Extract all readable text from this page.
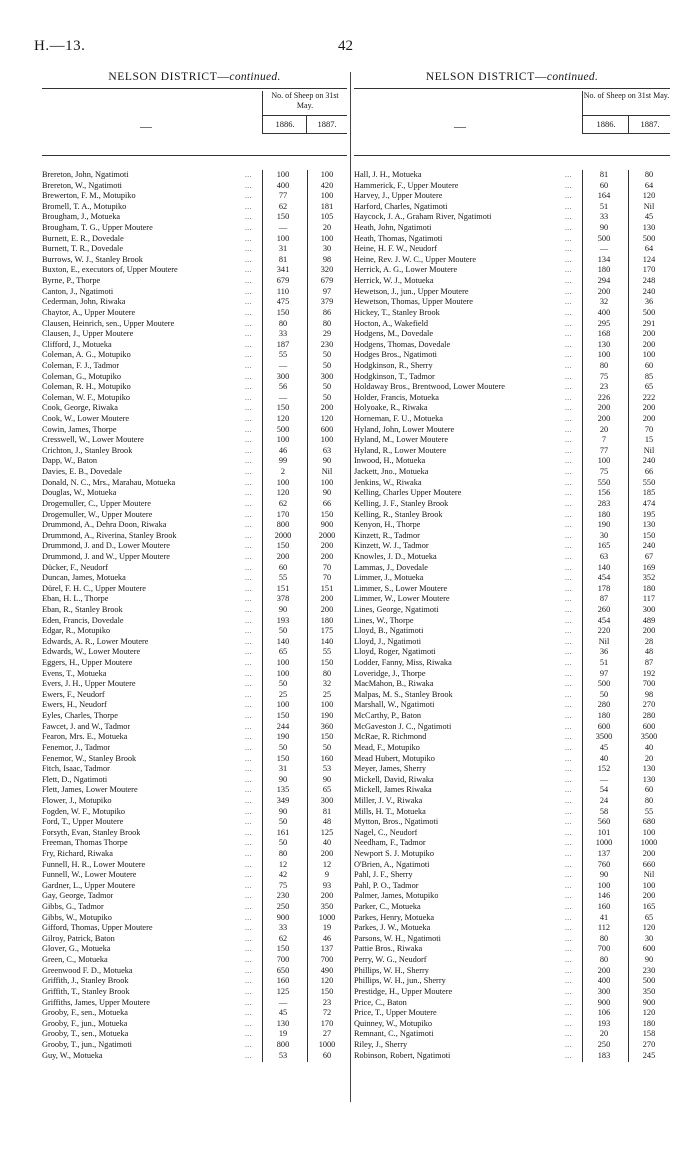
H.—13.	42
NELSON DISTRICT—continued.
—
No. of Sheep on 31st May.
1886.	1887.
Brereton, John, Ngatimoti	...	100	100
Brereton, W., Ngatimoti	...	400	420
Brewerton, F. M., Motupiko	...	77	100
Bromell, T. A., Motupiko	...	62	181
Brougham, J., Motueka	...	150	105
Brougham, T. G., Upper Moutere	...	—	20
Burnett, E. R., Dovedale	...	100	100
Burnett, T. R., Dovedale	...	31	30
Burrows, W. J., Stanley Brook	...	81	98
Buxton, E., executors of, Upper Moutere	...	341	320
Byrne, P., Thorpe	...	679	679
Canton, J., Ngatimoti	...	110	97
Cederman, John, Riwaka	...	475	379
Chaytor, A., Upper Moutere	...	150	86
Clausen, Heinrich, sen., Upper Moutere	...	80	80
Clausen, J., Upper Moutere	...	33	29
Clifford, J., Motueka	...	187	230
Coleman, A. G., Motupiko	...	55	50
Coleman, F. J., Tadmor	...	—	50
Coleman, G., Motupiko	...	300	300
Coleman, R. H., Motupiko	...	56	50
Coleman, W. F., Motupiko	...	—	50
Cook, George, Riwaka	...	150	200
Cook, W., Lower Moutere	...	120	120
Cowin, James, Thorpe	...	500	600
Cresswell, W., Lower Moutere	...	100	100
Crichton, J., Stanley Brook	...	46	63
Dapp, W., Baton	...	99	90
Davies, E. B., Dovedale	...	2	Nil
Donald, N. C., Mrs., Marahau, Motueka	...	100	100
Douglas, W., Motueka	...	120	90
Drogemuller, C., Upper Moutere	...	62	66
Drogemuller, W., Upper Moutere	...	170	150
Drummond, A., Dehra Doon, Riwaka	...	800	900
Drummond, A., Riverina, Stanley Brook	...	2000	2000
Drummond, J. and D., Lower Moutere	...	150	200
Drummond, J. and W., Upper Moutere	...	200	200
Dücker, F., Neudorf	...	60	70
Duncan, James, Motueka	...	55	70
Dürel, F. H. C., Upper Moutere	...	151	151
Eban, H. L., Thorpe	...	378	200
Eban, R., Stanley Brook	...	90	200
Eden, Francis, Dovedale	...	193	180
Edgar, R., Motupiko	...	50	175
Edwards, A. R., Lower Moutere	...	140	140
Edwards, W., Lower Moutere	...	65	55
Eggers, H., Upper Moutere	...	100	150
Evens, T., Motueka	...	100	80
Evers, J. H., Upper Moutere	...	50	32
Ewers, F., Neudorf	...	25	25
Ewers, H., Neudorf	...	100	100
Eyles, Charles, Thorpe	...	150	190
Fawcet, J. and W., Tadmor	...	244	360
Fearon, Mrs. E., Motueka	...	190	150
Fenemor, J., Tadmor	...	50	50
Fenemor, W., Stanley Brook	...	150	160
Fitch, Isaac, Tadmor	...	31	53
Flett, D., Ngatimoti	...	90	90
Flett, James, Lower Moutere	...	135	65
Flower, J., Motupiko	...	349	300
Fogden, W. F., Motupiko	...	90	81
Ford, T., Upper Moutere	...	50	48
Forsyth, Evan, Stanley Brook	...	161	125
Freeman, Thomas Thorpe	...	50	40
Fry, Richard, Riwaka	...	80	200
Funnell, H. R., Lower Moutere	...	12	12
Funnell, W., Lower Moutere	...	42	9
Gardner, L., Upper Moutere	...	75	93
Gay, George, Tadmor	...	230	200
Gibbs, G., Tadmor	...	250	350
Gibbs, W., Motupiko	...	900	1000
Gifford, Thomas, Upper Moutere	...	33	19
Gilroy, Patrick, Baton	...	62	46
Glover, G., Motueka	...	150	137
Green, C., Motueka	...	700	700
Greenwood F. D., Motueka	...	650	490
Griffith, J., Stanley Brook	...	160	120
Griffith, T., Stanley Brook	...	125	150
Griffiths, James, Upper Moutere	...	—	23
Grooby, F., sen., Motueka	...	45	72
Grooby, F., jun., Motueka	...	130	170
Grooby, T., sen., Motueka	...	19	27
Grooby, T., jun., Ngatimoti	...	800	1000
Guy, W., Motueka	...	53	60
NELSON DISTRICT—continued.
—
No. of Sheep on 31st May.
1886.	1887.
Hall, J. H., Motueka	...	81	80
Hammerick, F., Upper Moutere	...	60	64
Harvey, J., Upper Moutere	...	164	120
Harford, Charles, Ngatimoti	...	51	Nil
Haycock, J. A., Graham River, Ngatimoti	...	33	45
Heath, John, Ngatimoti	...	90	130
Heath, Thomas, Ngatimoti	...	500	500
Heine, H. F. W., Neudorf	...	—	64
Heine, Rev. J. W. C., Upper Moutere	...	134	124
Herrick, A. G., Lower Moutere	...	180	170
Herrick, W. J., Motueka	...	294	248
Hewetson, J., jun., Upper Moutere	...	200	240
Hewetson, Thomas, Upper Moutere	...	32	36
Hickey, T., Stanley Brook	...	400	500
Hocton, A., Wakefield	...	295	291
Hodgens, M., Dovedale	...	168	200
Hodgens, Thomas, Dovedale	...	130	200
Hodges Bros., Ngatimoti	...	100	100
Hodgkinson, R., Sherry	...	80	60
Hodgkinson, T., Tadmor	...	75	85
Holdaway Bros., Brentwood, Lower Moutere	...	23	65
Holder, Francis, Motueka	...	226	222
Holyoake, R., Riwaka	...	200	200
Horneman, F. U., Motueka	...	200	200
Hyland, John, Lower Moutere	...	20	70
Hyland, M., Lower Moutere	...	7	15
Hyland, R., Lower Moutere	...	77	Nil
Inwood, H., Motueka	...	100	240
Jackett, Jno., Motueka	...	75	66
Jenkins, W., Riwaka	...	550	550
Kelling, Charles Upper Moutere	...	156	185
Kelling, J. F., Stanley Brook	...	283	474
Kelling, R., Stanley Brook	...	180	195
Kenyon, H., Thorpe	...	190	130
Kinzett, R., Tadmor	...	30	150
Kinzett, W. J., Tadmor	...	165	240
Knowles, J. D., Motueka	...	63	67
Lammas, J., Dovedale	...	140	169
Limmer, J., Motueka	...	454	352
Limmer, S., Lower Moutere	...	178	180
Limmer, W., Lower Moutere	...	87	117
Lines, George, Ngatimoti	...	260	300
Lines, W., Thorpe	...	454	489
Lloyd, B., Ngatimoti	...	220	200
Lloyd, J., Ngatimoti	...	Nil	28
Lloyd, Roger, Ngatimoti	...	36	48
Lodder, Fanny, Miss, Riwaka	...	51	87
Loveridge, J., Thorpe	...	97	192
MacMahon, B., Riwaka	...	500	700
Malpas, M. S., Stanley Brook	...	50	98
Marshall, W., Ngatimoti	...	280	270
McCarthy, P., Baton	...	180	280
McGaveston J. C., Ngatimoti	...	600	600
McRae, R. Richmond	...	3500	3500
Mead, F., Motupiko	...	45	40
Mead Hubert, Motupiko	...	40	20
Meyer, James, Sherry	...	152	130
Mickell, David, Riwaka	...	—	130
Mickell, James Riwaka	...	54	60
Miller, J. V., Riwaka	...	24	80
Mills, H. T., Motueka	...	58	55
Mytton, Bros., Ngatimoti	...	560	680
Nagel, C., Neudorf	...	101	100
Needham, F., Tadmor	...	1000	1000
Newport S. J. Motupiko	...	137	200
O'Brien, A., Ngatimoti	...	760	660
Pahl, J. F., Sherry	...	90	Nil
Pahl, P. O., Tadmor	...	100	100
Palmer, James, Motupiko	...	146	200
Parker, C., Motueka	...	160	165
Parkes, Henry, Motueka	...	41	65
Parkes, J. W., Motueka	...	112	120
Parsons, W. H., Ngatimoti	...	80	30
Pattie Bros., Riwaka	...	700	600
Perry, W. G., Neudorf	...	80	90
Phillips, W. H., Sherry	...	200	230
Phillips, W. H., jun., Sherry	...	400	500
Prestidge, H., Upper Moutere	...	300	350
Price, C., Baton	...	900	900
Price, T., Upper Moutere	...	106	120
Quinney, W., Motupiko	...	193	180
Remnant, C., Ngatimoti	...	20	158
Riley, J., Sherry	...	250	270
Robinson, Robert, Ngatimoti	...	183	245
